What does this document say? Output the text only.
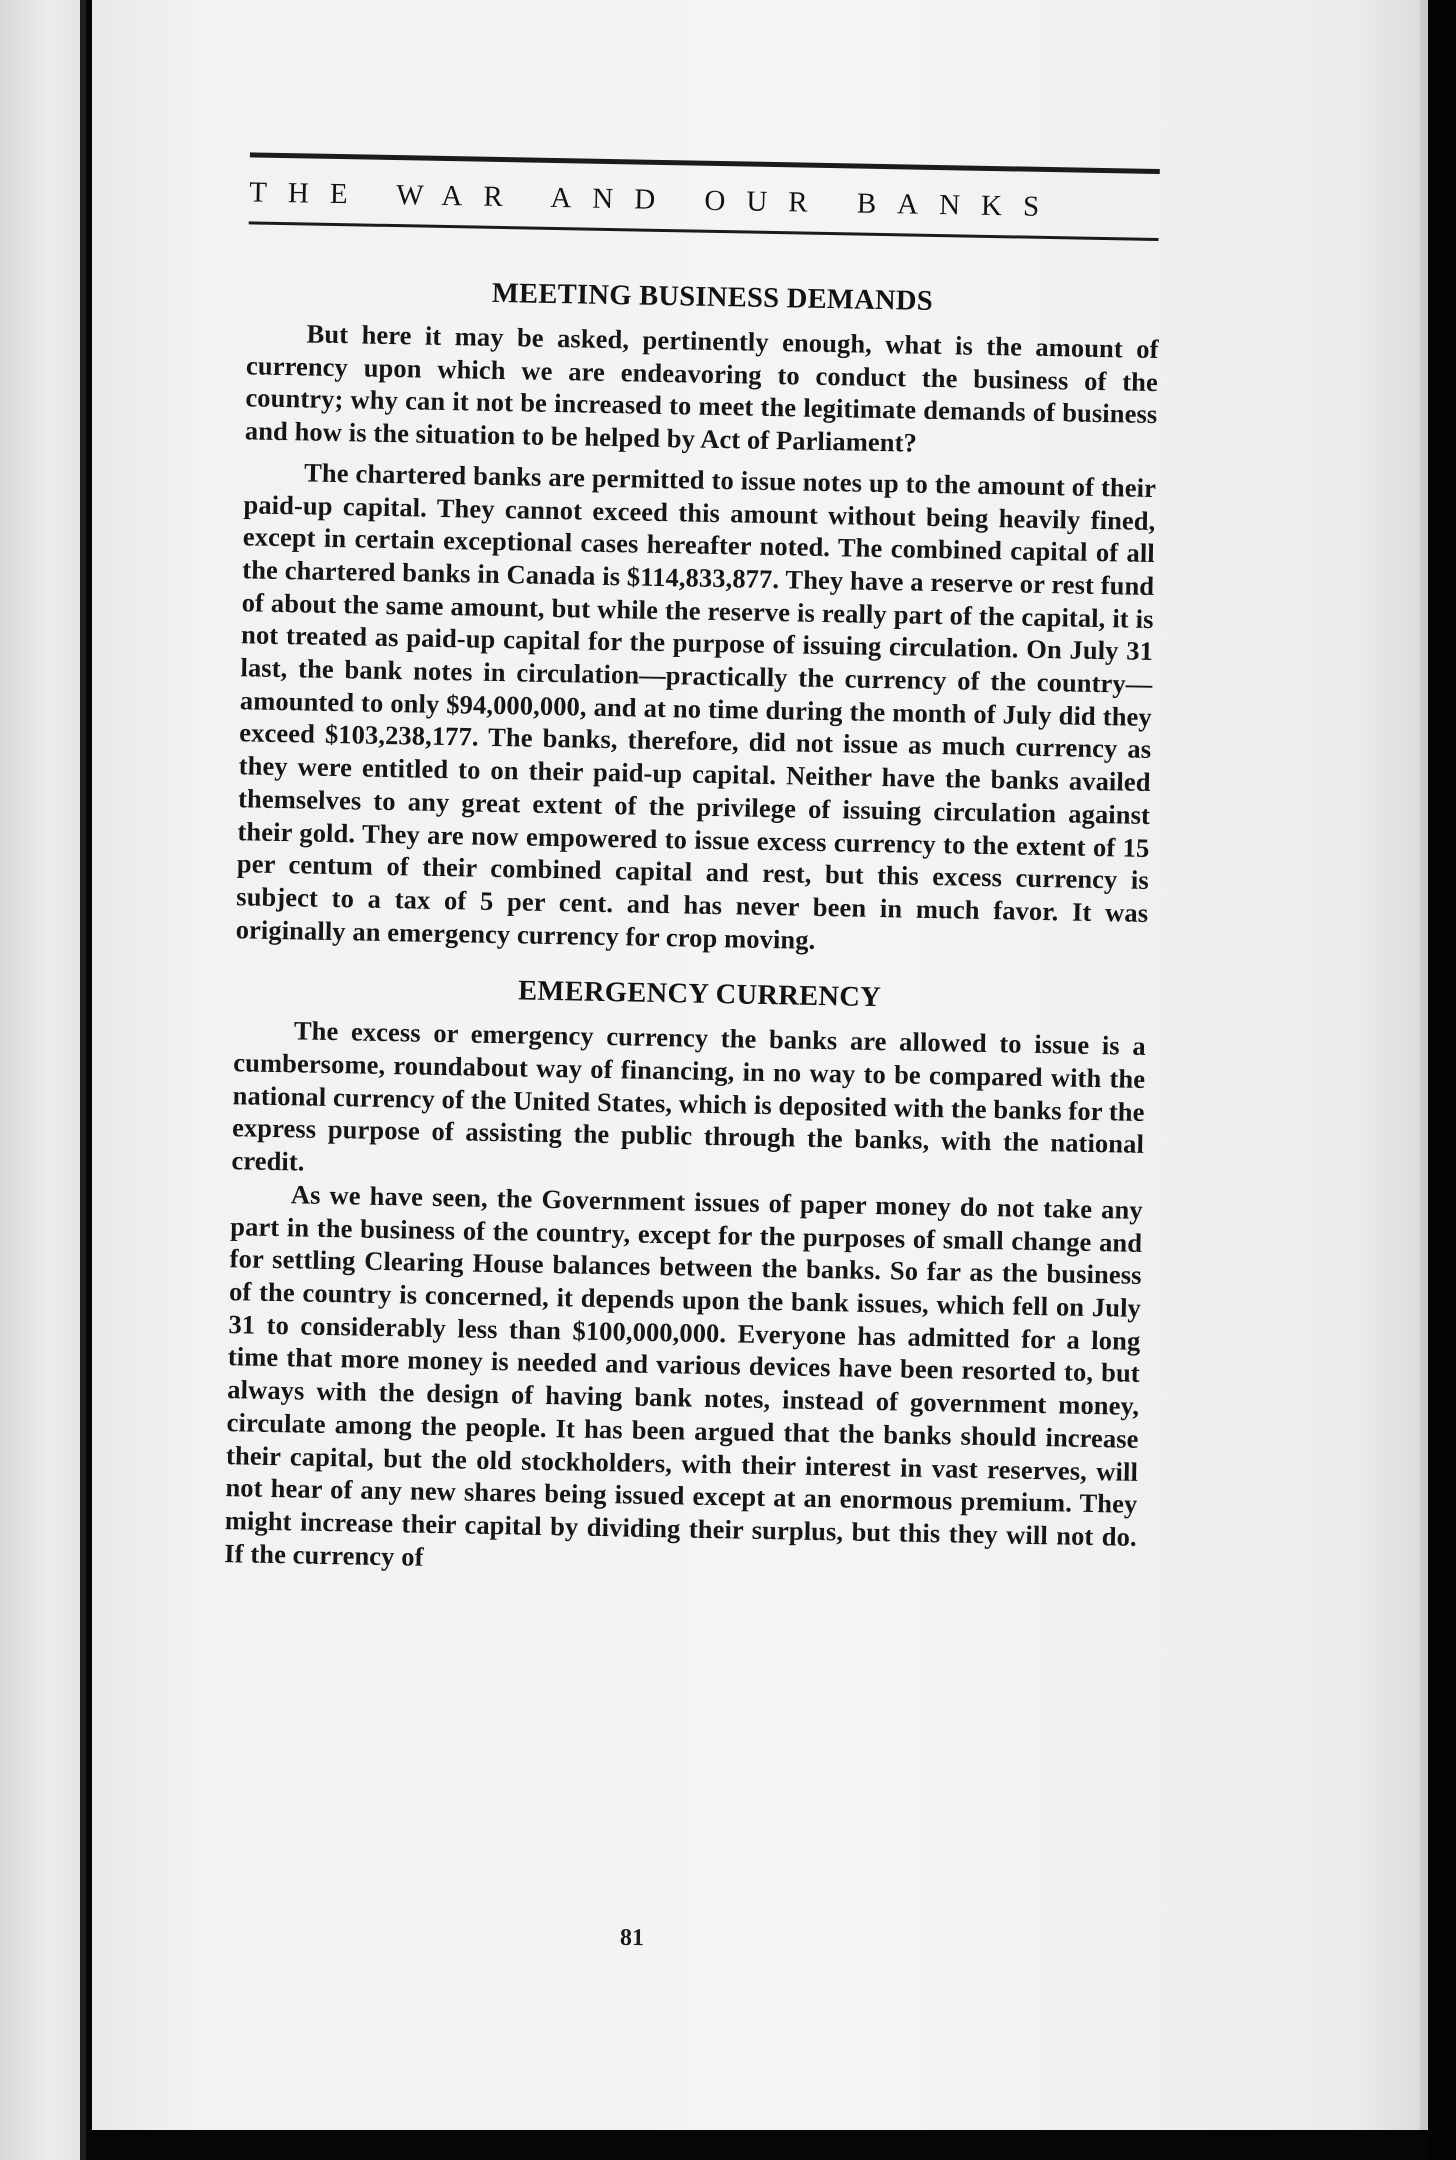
THE WAR AND OUR BANKS
MEETING BUSINESS DEMANDS

But here it may be asked, pertinently enough, what is the amount of currency upon which we are endeavoring to conduct the business of the country; why can it not be increased to meet the legitimate demands of business and how is the situation to be helped by Act of Parliament?

The chartered banks are permitted to issue notes up to the amount of their paid-up capital. They cannot exceed this amount without being heavily fined, except in certain exceptional cases hereafter noted. The combined capital of all the chartered banks in Canada is $114,833,877. They have a reserve or rest fund of about the same amount, but while the reserve is really part of the capital, it is not treated as paid-up capital for the purpose of issuing circulation. On July 31 last, the bank notes in circulation—practically the currency of the country—amounted to only $94,000,000, and at no time during the month of July did they exceed $103,238,177. The banks, therefore, did not issue as much currency as they were entitled to on their paid-up capital. Neither have the banks availed themselves to any great extent of the privilege of issuing circulation against their gold. They are now empowered to issue excess currency to the extent of 15 per centum of their combined capital and rest, but this excess currency is subject to a tax of 5 per cent. and has never been in much favor. It was originally an emergency currency for crop moving.

EMERGENCY CURRENCY

The excess or emergency currency the banks are allowed to issue is a cumbersome, roundabout way of financing, in no way to be compared with the national currency of the United States, which is deposited with the banks for the express purpose of assisting the public through the banks, with the national credit.

As we have seen, the Government issues of paper money do not take any part in the business of the country, except for the purposes of small change and for settling Clearing House balances between the banks. So far as the business of the country is concerned, it depends upon the bank issues, which fell on July 31 to considerably less than $100,000,000. Everyone has admitted for a long time that more money is needed and various devices have been resorted to, but always with the design of having bank notes, instead of government money, circulate among the people. It has been argued that the banks should increase their capital, but the old stockholders, with their interest in vast reserves, will not hear of any new shares being issued except at an enormous premium. They might increase their capital by dividing their surplus, but this they will not do. If the currency of

81
